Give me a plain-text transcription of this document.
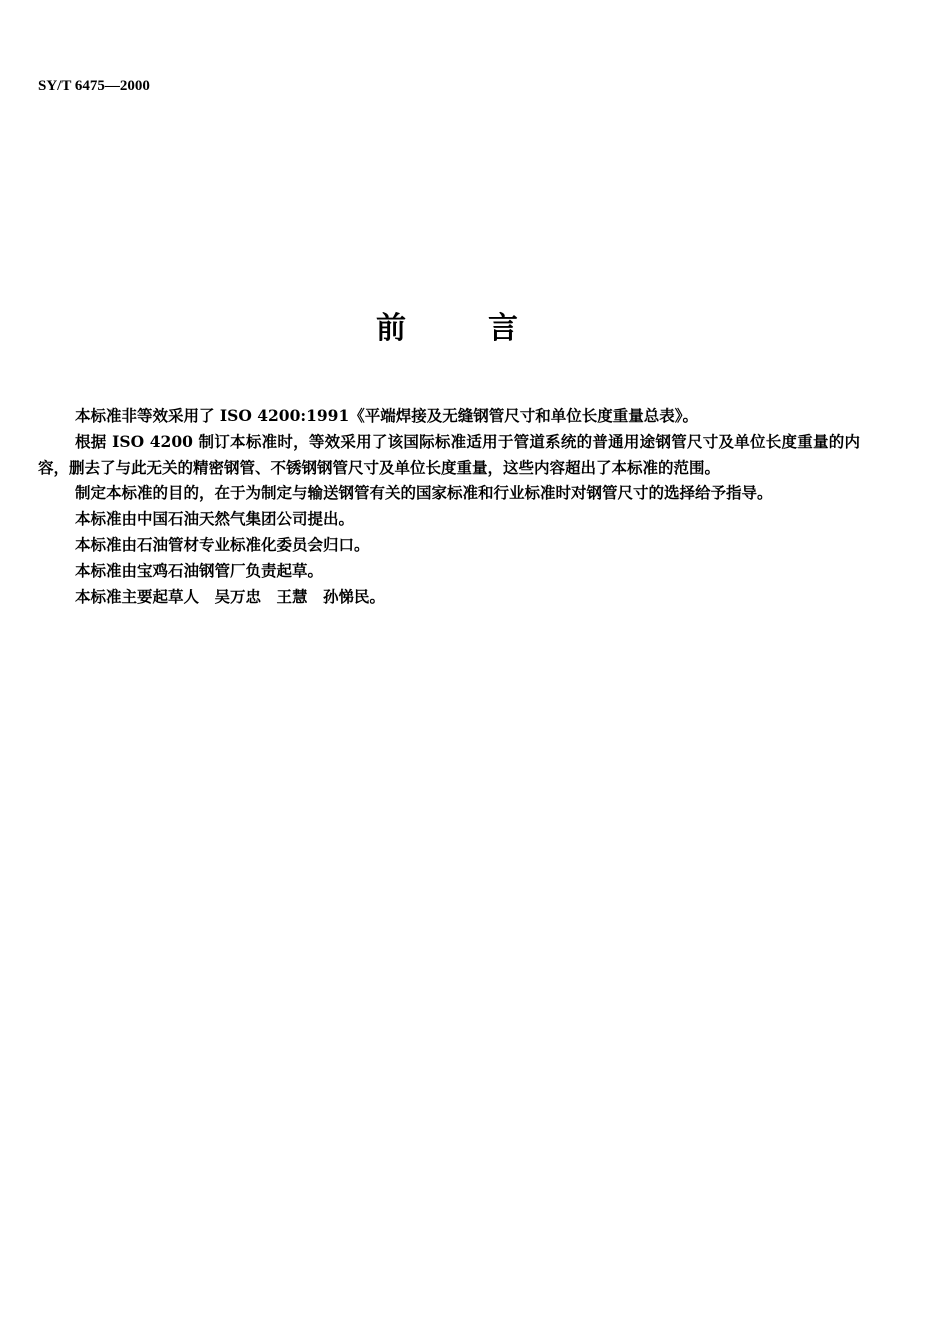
SY/T 6475—2000
前	言

本标准非等效采用了 ISO 4200:1991《平端焊接及无缝钢管尺寸和单位长度重量总表》。

根据 ISO 4200 制订本标准时，等效采用了该国际标准适用于管道系统的普通用途钢管尺寸及单位长度重量的内容，删去了与此无关的精密钢管、不锈钢钢管尺寸及单位长度重量，这些内容超出了本标准的范围。

制定本标准的目的，在于为制定与输送钢管有关的国家标准和行业标准时对钢管尺寸的选择给予指导。

本标准由中国石油天然气集团公司提出。

本标准由石油管材专业标准化委员会归口。

本标准由宝鸡石油钢管厂负责起草。

本标准主要起草人　吴万忠　王慧　孙悌民。
